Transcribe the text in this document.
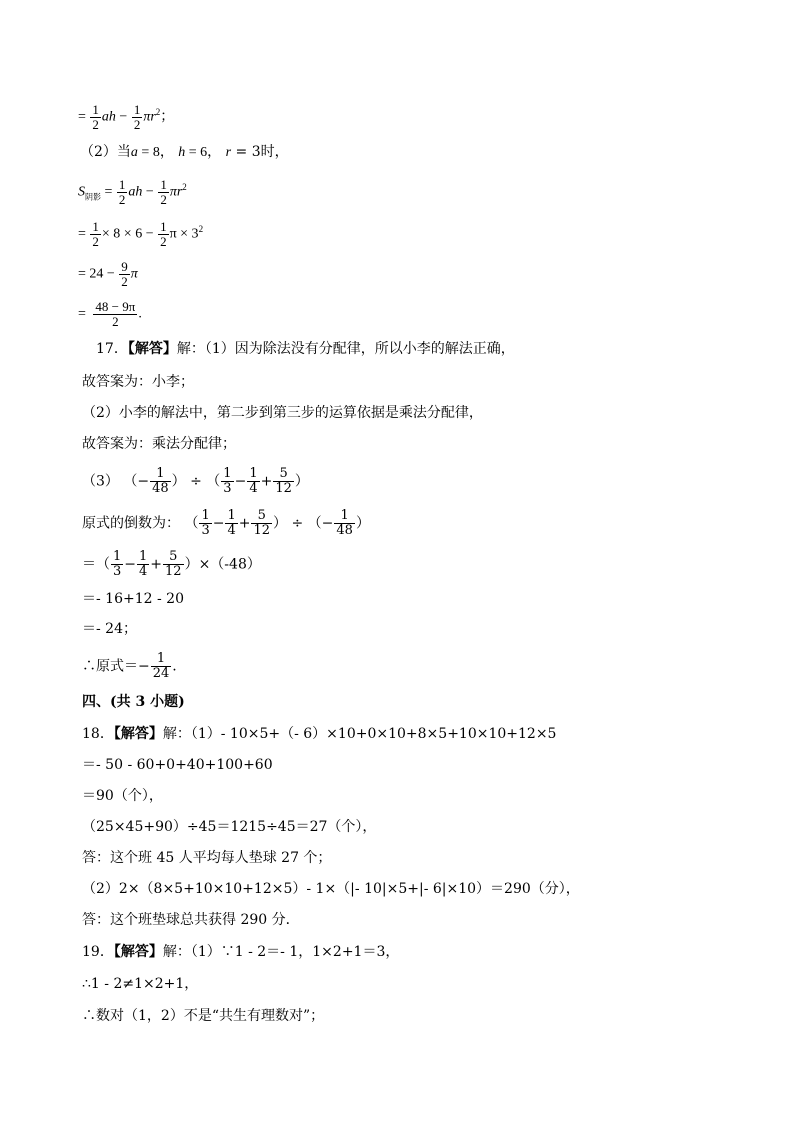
= $\frac{1}{2}$ ah − $\frac{1}{2} \pi r^2$；
（2）当a = 8， h = 6， r = 3时，
$S_{阴影} = \frac{1}{2}$ ah − $\frac{1}{2} \pi r^2$
= $\frac{1}{2} \times 8 \times 6 - \frac{1}{2}$ $\pi \times 3^2$
= $24 - \frac{9}{2}$ π
= $\frac{48 - 9\pi}{2}$ .
17．【解答】解：（1）因为除法没有分配律，所以小李的解法正确，
故答案为：小李；
（2）小李的解法中，第二步到第三步的运算依据是乘法分配律，
故答案为：乘法分配律；
（3） （− $\frac{1}{48}$ ） ÷ （ $\frac{1}{3} - \frac{1}{4} + \frac{5}{12}$ ）
原式的倒数为： （ $\frac{1}{3} - \frac{1}{4} + \frac{5}{12}$ ） ÷ （− $\frac{1}{48}$ ）
＝（ $\frac{1}{3} - \frac{1}{4} + \frac{5}{12} )\times(-48)$
＝- 16+12 - 20
＝- 24；
∴原式＝− $\frac{1}{24}$ .
四、(共 3 小题)
18．【解答】解：（1）- 10×5+（- 6）×10+0×10+8×5+10×10+12×5
＝- 50 - 60+0+40+100+60
＝90（个），
（25×45+90）÷45＝1215÷45＝27（个），
答：这个班 45 人平均每人垫球 27 个；
（2）2×（8×5+10×10+12×5）- 1×（|- 10|×5+|- 6|×10）＝290（分），
答：这个班垫球总共获得 290 分．
19．【解答】解：（1）∵1 - 2＝- 1，1×2+1＝3，
∴1 - 2≠1×2+1，
∴数对（1，2）不是“共生有理数对”；
